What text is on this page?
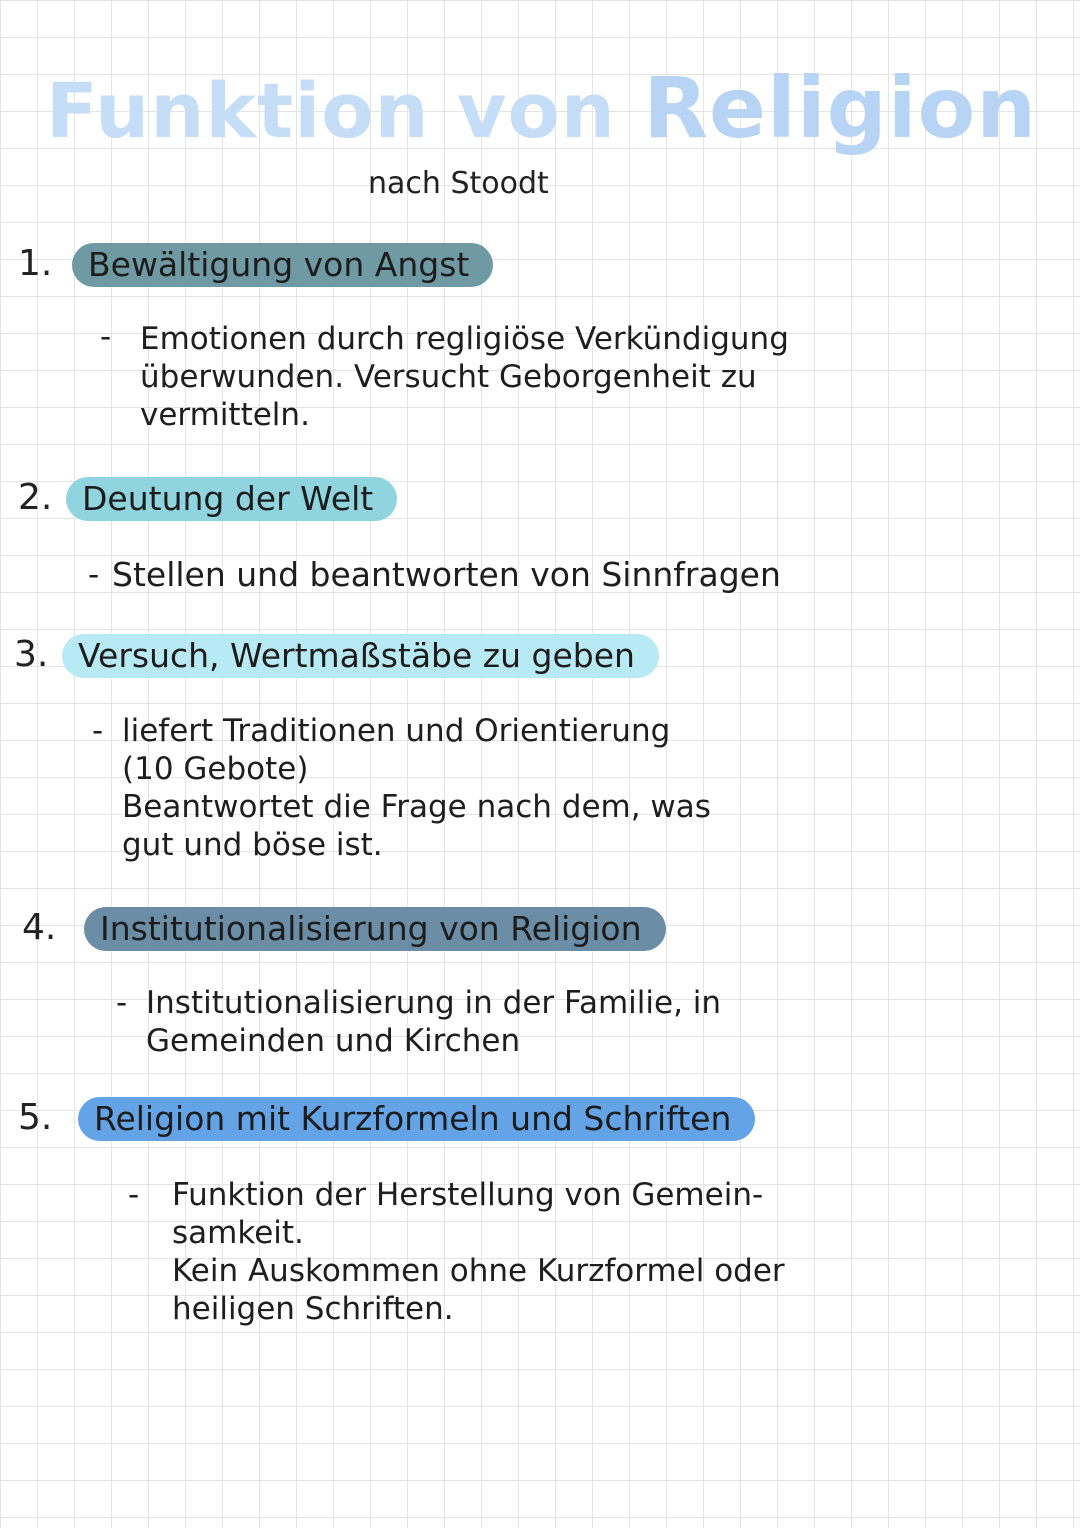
Funktion von Religion
nach Stoodt
1.	Bewältigung von Angst
- Emotionen durch regligiöse Verkündigung
überwunden. Versucht Geborgenheit zu
vermitteln.
2. Deutung der Welt
- Stellen und beantworten von Sinnfragen
3. Versuch, Wertmaßstäbe zu geben
- liefert Traditionen und Orientierung
(10 Gebote)
Beantwortet die Frage nach dem, was
gut und böse ist.
4.	Institutionalisierung von Religion
- Institutionalisierung in der Familie, in
Gemeinden und Kirchen
5.	Religion mit Kurzformeln und Schriften
- Funktion der Herstellung von Gemein-
samkeit.
Kein Auskommen ohne Kurzformel oder
heiligen Schriften.
